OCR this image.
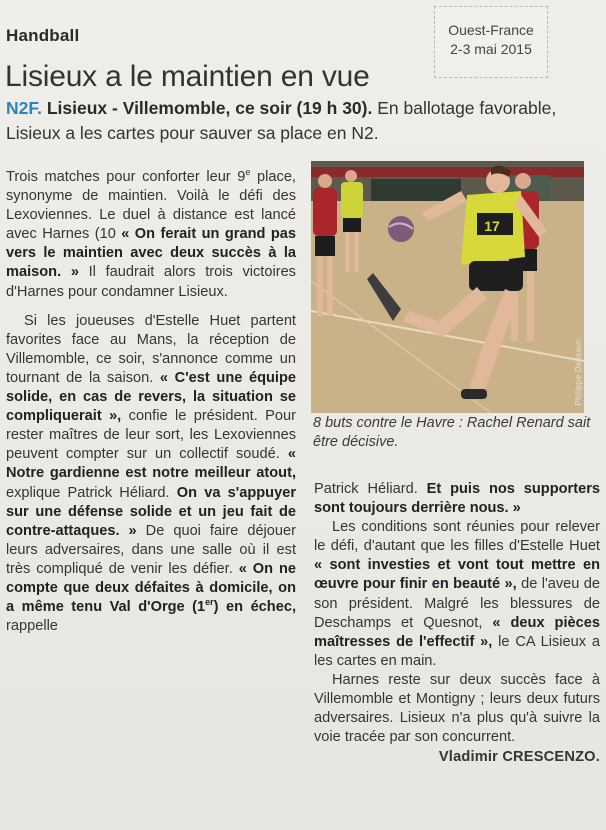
Handball	Ouest-France
2-3 mai 2015
Lisieux a le maintien en vue
N2F. Lisieux - Villemomble, ce soir (19 h 30). En ballotage favorable, Lisieux a les cartes pour sauver sa place en N2.

Trois matches pour conforter leur 9e place, synonyme de maintien. Voilà le défi des Lexoviennes. Le duel à distance est lancé avec Harnes (10 « On ferait un grand pas vers le maintien avec deux succès à la maison. » Il faudrait alors trois victoires d'Harnes pour condamner Lisieux.

Si les joueuses d'Estelle Huet partent favorites face au Mans, la réception de Villemomble, ce soir, s'annonce comme un tournant de la saison. « C'est une équipe solide, en cas de revers, la situation se compliquerait », confie le président. Pour rester maîtres de leur sort, les Lexoviennes peuvent compter sur un collectif soudé. « Notre gardienne est notre meilleur atout, explique Patrick Héliard. On va s'appuyer sur une défense solide et un jeu fait de contre-attaques. » De quoi faire déjouer leurs adversaires, dans une salle où il est très compliqué de venir les défier. « On ne compte que deux défaites à domicile, on a même tenu Val d'Orge (1er) en échec, rappelle

17
Philippe Delisson
8 buts contre le Havre : Rachel Renard sait être décisive.

Patrick Héliard. Et puis nos supporters sont toujours derrière nous. »

Les conditions sont réunies pour relever le défi, d'autant que les filles d'Estelle Huet « sont investies et vont tout mettre en œuvre pour finir en beauté », de l'aveu de son président. Malgré les blessures de Deschamps et Quesnot, « deux pièces maîtresses de l'effectif », le CA Lisieux a les cartes en main.

Harnes reste sur deux succès face à Villemomble et Montigny ; leurs deux futurs adversaires. Lisieux n'a plus qu'à suivre la voie tracée par son concurrent.

Vladimir CRESCENZO.
